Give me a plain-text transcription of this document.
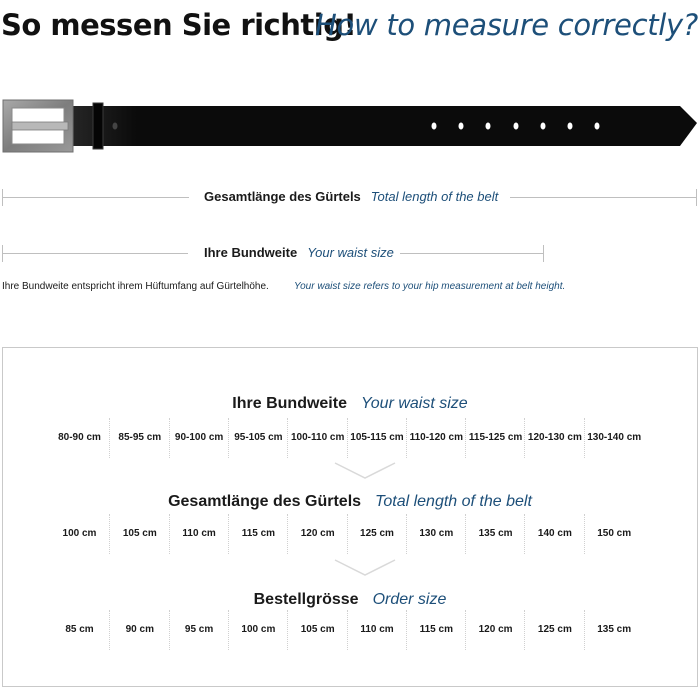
So messen Sie richtig!
How to measure correctly?
Gesamtlänge des Gürtels Total length of the belt
Ihre Bundweite Your waist size
Ihre Bundweite entspricht ihrem Hüftumfang auf Gürtelhöhe.	Your waist size refers to your hip measurement at belt height.
Ihre Bundweite Your waist size
80-90 cm	85-95 cm	90-100 cm	95-105 cm 100-110 cm 105-115 cm 110-120 cm 115-125 cm 120-130 cm 130-140 cm
Gesamtlänge des Gürtels Total length of the belt
100 cm	105 cm	110 cm	115 cm	120 cm	125 cm	130 cm	135 cm	140 cm	150 cm
Bestellgrösse Order size
85 cm	90 cm	95 cm	100 cm	105 cm	110 cm	115 cm	120 cm	125 cm	135 cm
